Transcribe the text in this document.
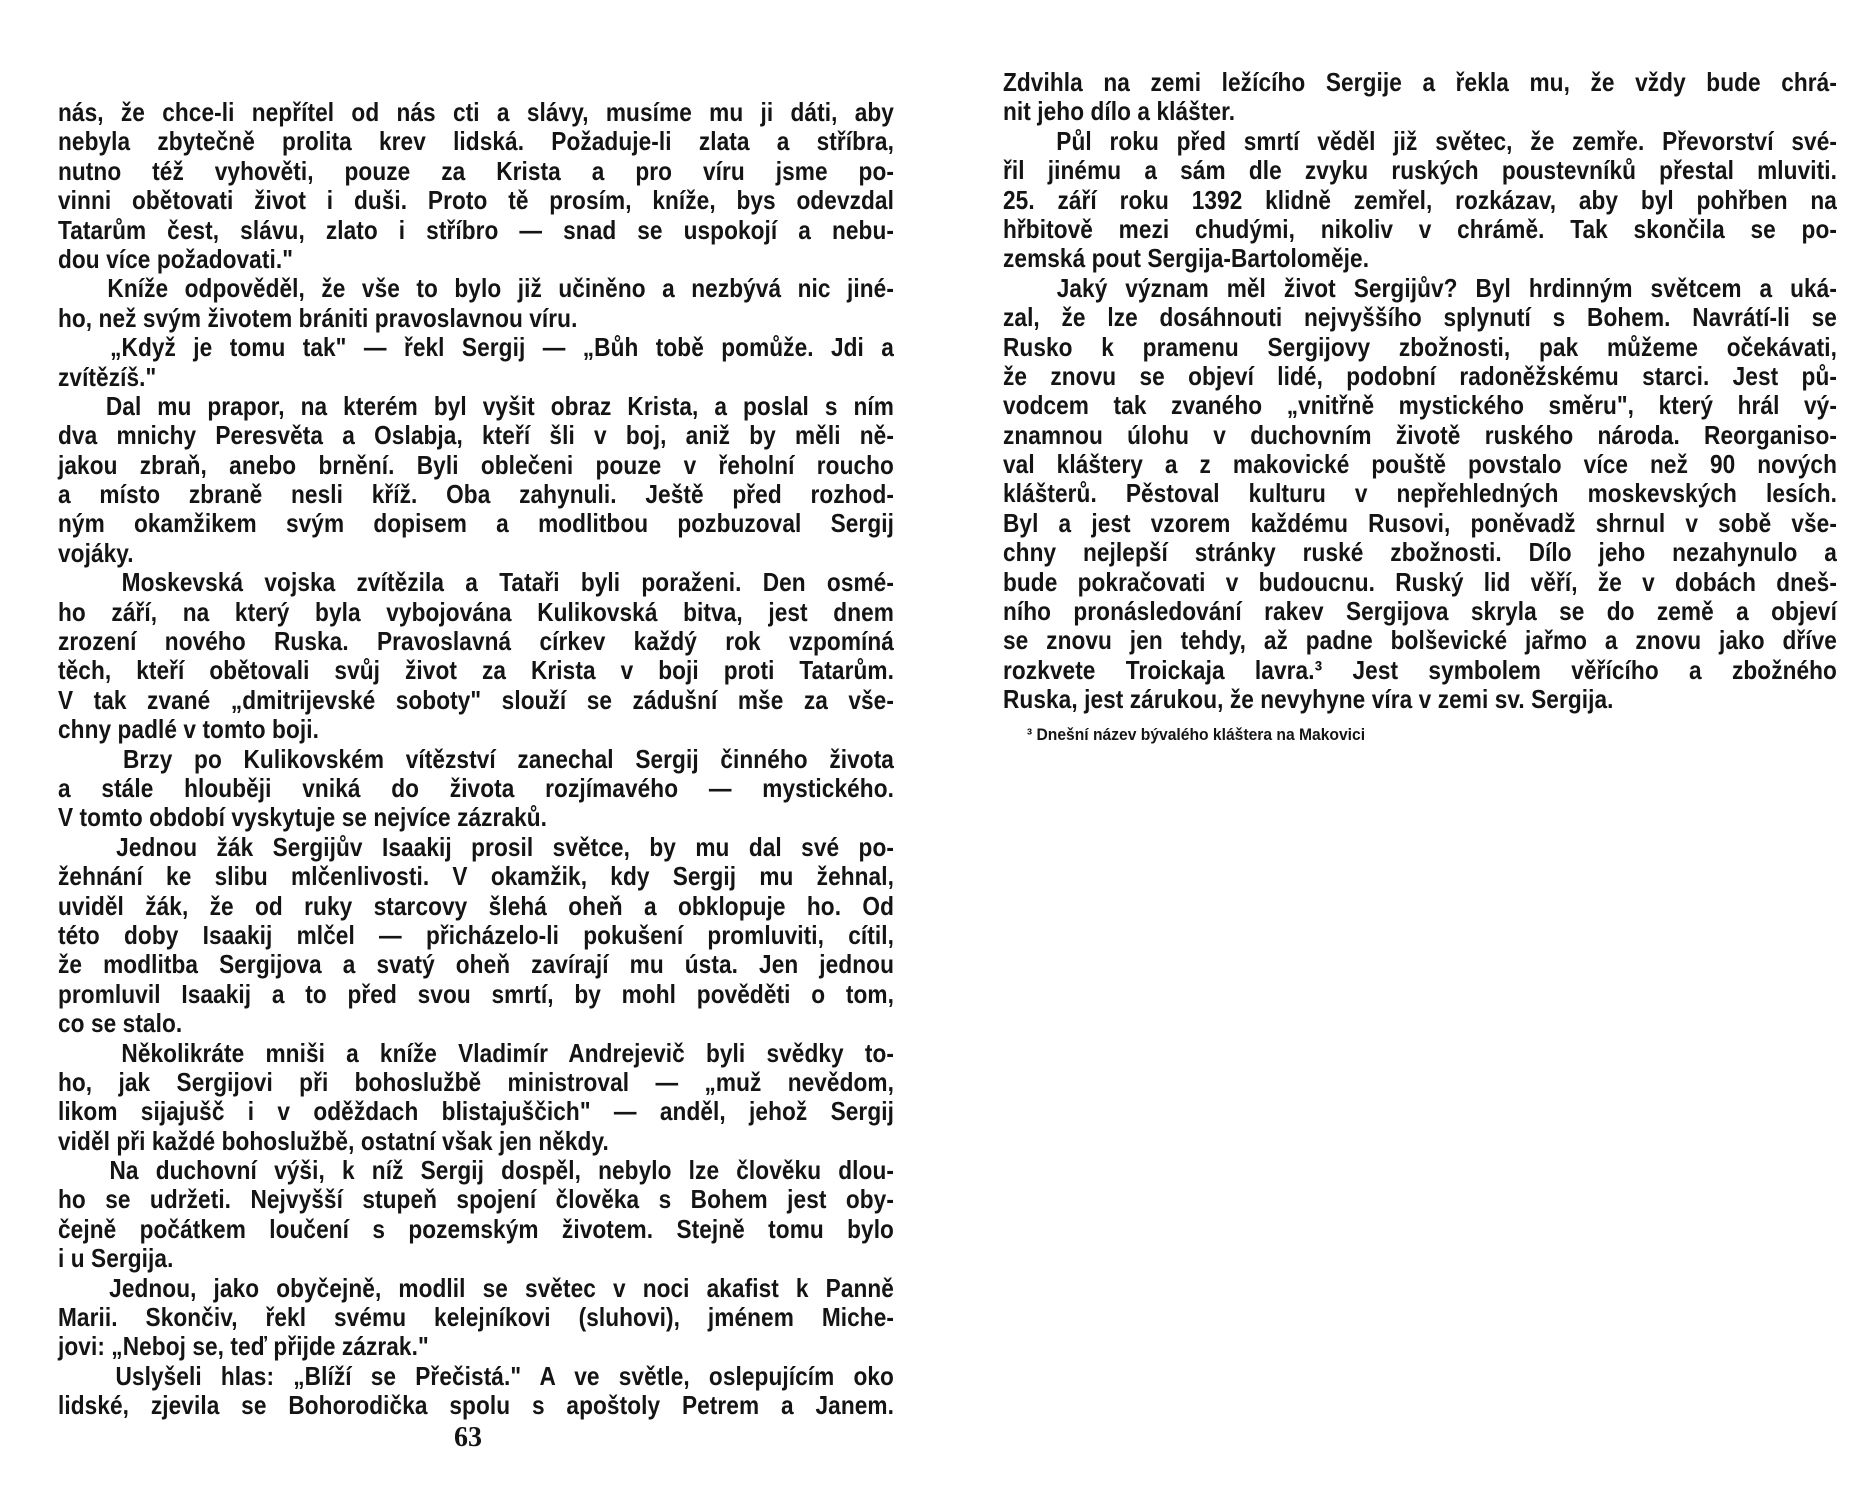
nás, že chce-li nepřítel od nás cti a slávy, musíme mu ji dáti, aby
nebyla zbytečně prolita krev lidská. Požaduje-li zlata a stříbra,
nutno též vyhověti, pouze za Krista a pro víru jsme po-
vinni obětovati život i duši. Proto tě prosím, kníže, bys odevzdal
Tatarům čest, slávu, zlato i stříbro — snad se uspokojí a nebu-
dou více požadovati."
Kníže odpověděl, že vše to bylo již učiněno a nezbývá nic jiné-
ho, než svým životem brániti pravoslavnou víru.
„Když je tomu tak" — řekl Sergij — „Bůh tobě pomůže. Jdi a
zvítězíš."
Dal mu prapor, na kterém byl vyšit obraz Krista, a poslal s ním
dva mnichy Peresvěta a Oslabja, kteří šli v boj, aniž by měli ně-
jakou zbraň, anebo brnění. Byli oblečeni pouze v řeholní roucho
a místo zbraně nesli kříž. Oba zahynuli. Ještě před rozhod-
ným okamžikem svým dopisem a modlitbou pozbuzoval Sergij
vojáky.
Moskevská vojska zvítězila a Tataři byli poraženi. Den osmé-
ho září, na který byla vybojována Kulikovská bitva, jest dnem
zrození nového Ruska. Pravoslavná církev každý rok vzpomíná
těch, kteří obětovali svůj život za Krista v boji proti Tatarům.
V tak zvané „dmitrijevské soboty" slouží se zádušní mše za vše-
chny padlé v tomto boji.
Brzy po Kulikovském vítězství zanechal Sergij činného života
a stále hlouběji vniká do života rozjímavého — mystického.
V tomto období vyskytuje se nejvíce zázraků.
Jednou žák Sergijův Isaakij prosil světce, by mu dal své po-
žehnání ke slibu mlčenlivosti. V okamžik, kdy Sergij mu žehnal,
uviděl žák, že od ruky starcovy šlehá oheň a obklopuje ho. Od
této doby Isaakij mlčel — přicházelo-li pokušení promluviti, cítil,
že modlitba Sergijova a svatý oheň zavírají mu ústa. Jen jednou
promluvil Isaakij a to před svou smrtí, by mohl pověděti o tom,
co se stalo.
Několikráte mniši a kníže Vladimír Andrejevič byli svědky to-
ho, jak Sergijovi při bohoslužbě ministroval — „muž nevědom,
likom sijajušč i v oděždach blistajuščich" — anděl, jehož Sergij
viděl při každé bohoslužbě, ostatní však jen někdy.
Na duchovní výši, k níž Sergij dospěl, nebylo lze člověku dlou-
ho se udržeti. Nejvyšší stupeň spojení člověka s Bohem jest oby-
čejně počátkem loučení s pozemským životem. Stejně tomu bylo
i u Sergija.
Jednou, jako obyčejně, modlil se světec v noci akafist k Panně
Marii. Skončiv, řekl svému kelejníkovi (sluhovi), jménem Miche-
jovi: „Neboj se, teď přijde zázrak."
Uslyšeli hlas: „Blíží se Přečistá." A ve světle, oslepujícím oko
lidské, zjevila se Bohorodička spolu s apoštoly Petrem a Janem.
63
Zdvihla na zemi ležícího Sergije a řekla mu, že vždy bude chrá-
nit jeho dílo a klášter.
Půl roku před smrtí věděl již světec, že zemře. Převorství své-
řil jinému a sám dle zvyku ruských poustevníků přestal mluviti.
25. září roku 1392 klidně zemřel, rozkázav, aby byl pohřben na
hřbitově mezi chudými, nikoliv v chrámě. Tak skončila se po-
zemská pout Sergija-Bartoloměje.
Jaký význam měl život Sergijův? Byl hrdinným světcem a uká-
zal, že lze dosáhnouti nejvyššího splynutí s Bohem. Navrátí-li se
Rusko k pramenu Sergijovy zbožnosti, pak můžeme očekávati,
že znovu se objeví lidé, podobní radoněžskému starci. Jest pů-
vodcem tak zvaného „vnitřně mystického směru", který hrál vý-
znamnou úlohu v duchovním životě ruského národa. Reorganiso-
val kláštery a z makovické pouště povstalo více než 90 nových
klášterů. Pěstoval kulturu v nepřehledných moskevských lesích.
Byl a jest vzorem každému Rusovi, poněvadž shrnul v sobě vše-
chny nejlepší stránky ruské zbožnosti. Dílo jeho nezahynulo a
bude pokračovati v budoucnu. Ruský lid věří, že v dobách dneš-
ního pronásledování rakev Sergijova skryla se do země a objeví
se znovu jen tehdy, až padne bolševické jařmo a znovu jako dříve
rozkvete Troickaja lavra.³ Jest symbolem věřícího a zbožného
Ruska, jest zárukou, že nevyhyne víra v zemi sv. Sergija.
³ Dnešní název bývalého kláštera na Makovici
